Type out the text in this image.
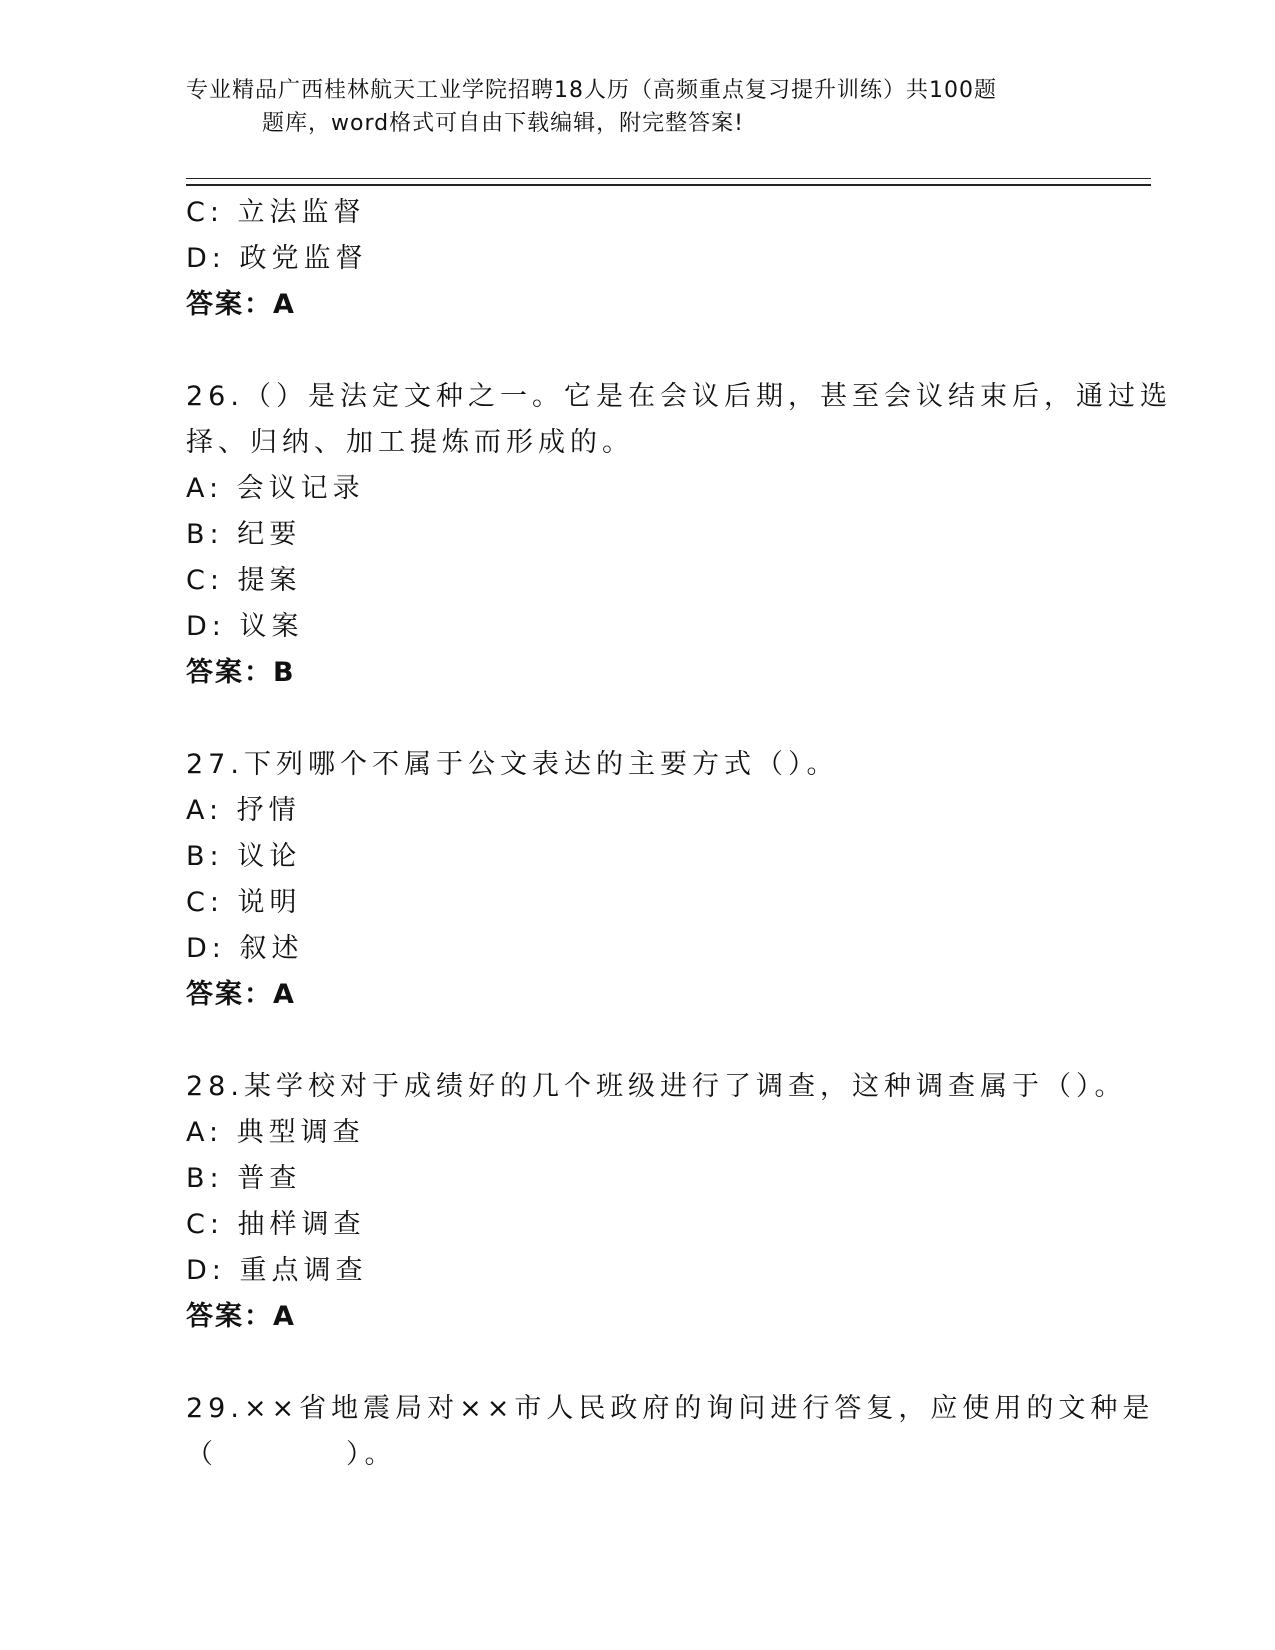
专业精品广西桂林航天工业学院招聘18人历（高频重点复习提升训练）共100题
题库，word格式可自由下载编辑，附完整答案!
C: 立法监督
D: 政党监督
答案：A
26.（）是法定文种之一。它是在会议后期，甚至会议结束后，通过选
择、归纳、加工提炼而形成的。
A: 会议记录
B: 纪要
C: 提案
D: 议案
答案：B
27.下列哪个不属于公文表达的主要方式（）。
A: 抒情
B: 议论
C: 说明
D: 叙述
答案：A
28.某学校对于成绩好的几个班级进行了调查，这种调查属于（）。
A: 典型调查
B: 普查
C: 抽样调查
D: 重点调查
答案：A
29.××省地震局对××市人民政府的询问进行答复，应使用的文种是
（　　　　）。
